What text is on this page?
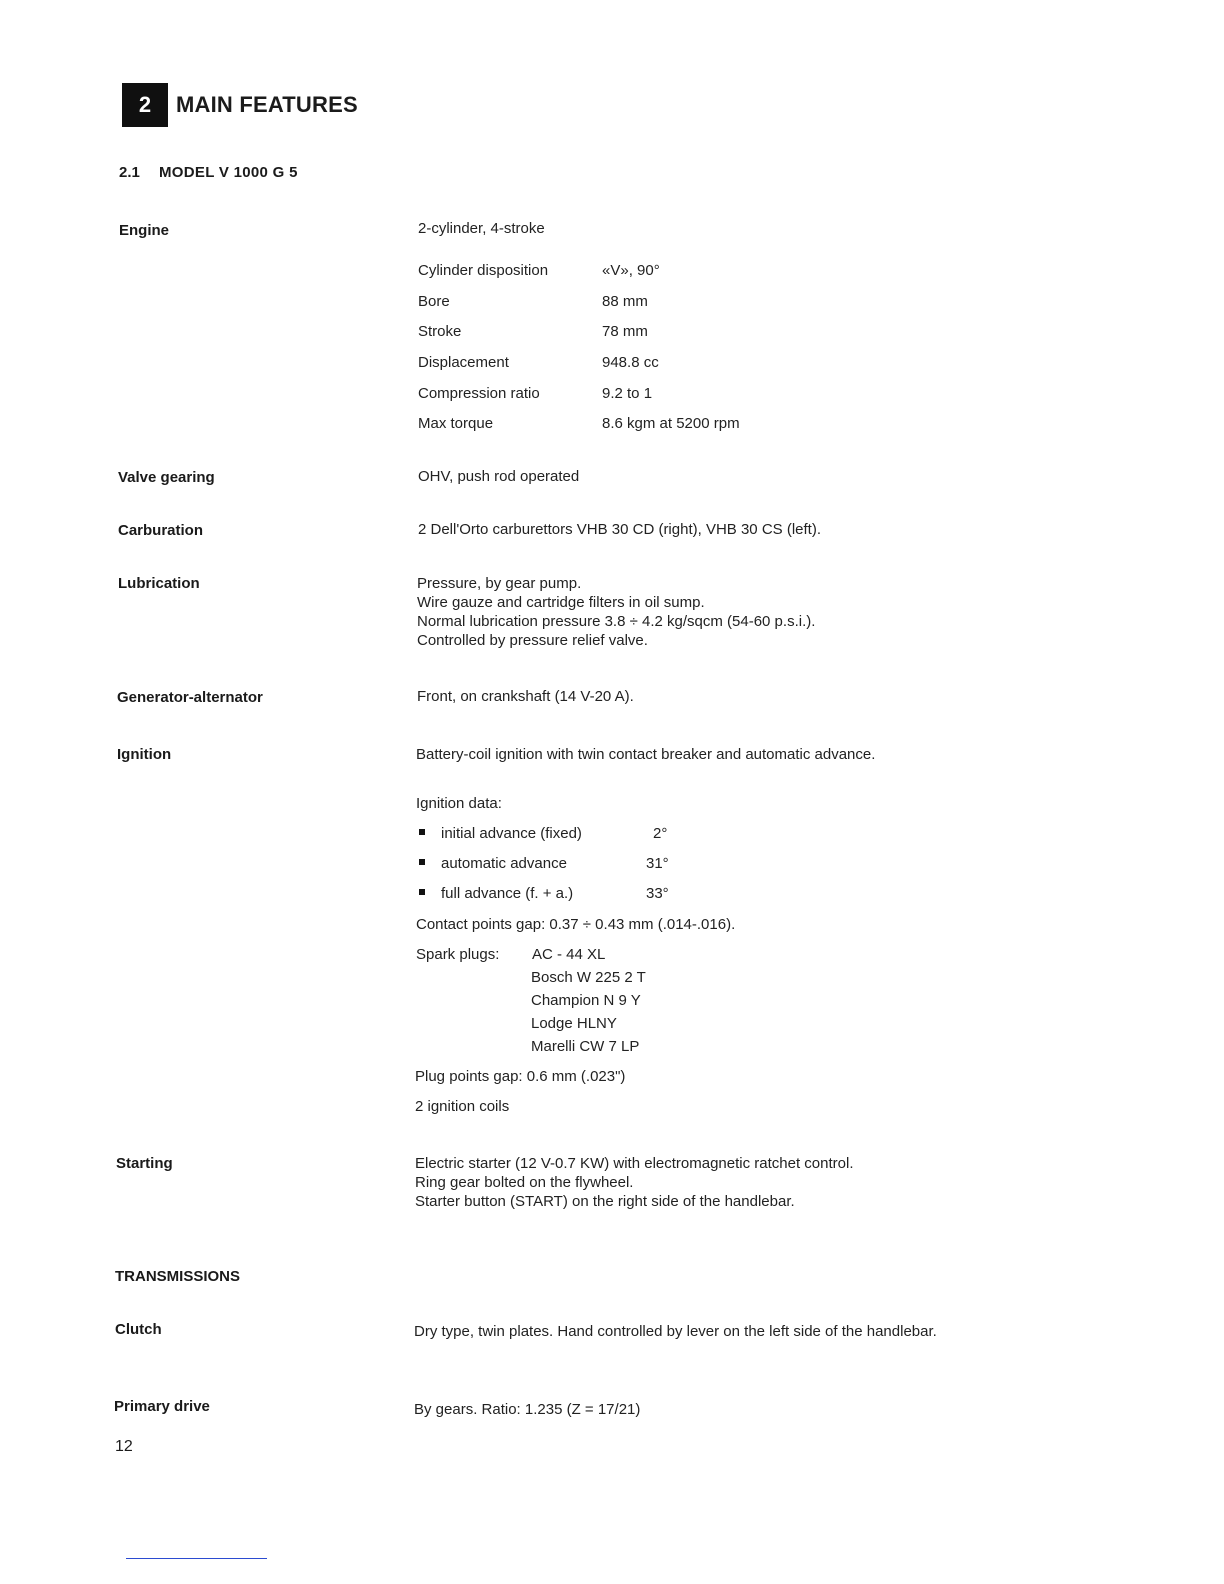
2	MAIN FEATURES
2.1 MODEL V 1000 G 5
Engine	2-cylinder, 4-stroke
Cylinder disposition	«V», 90°
Bore	88 mm
Stroke	78 mm
Displacement	948.8 cc
Compression ratio	9.2 to 1
Max torque	8.6 kgm at 5200 rpm
Valve gearing	OHV, push rod operated
Carburation	2 Dell'Orto carburettors VHB 30 CD (right), VHB 30 CS (left).
Lubrication	Pressure, by gear pump.
Wire gauze and cartridge filters in oil sump.
Normal lubrication pressure 3.8 ÷ 4.2 kg/sqcm (54-60 p.s.i.).
Controlled by pressure relief valve.
Generator-alternator	Front, on crankshaft (14 V-20 A).
Ignition	Battery-coil ignition with twin contact breaker and automatic advance.
Ignition data:
initial advance (fixed)	2°
automatic advance	31°
full advance (f. + a.)	33°
Contact points gap: 0.37 ÷ 0.43 mm (.014-.016).
Spark plugs: AC - 44 XL
Bosch W 225 2 T
Champion N 9 Y
Lodge HLNY
Marelli CW 7 LP
Plug points gap: 0.6 mm (.023")
2 ignition coils
Starting	Electric starter (12 V-0.7 KW) with electromagnetic ratchet control.
Ring gear bolted on the flywheel.
Starter button (START) on the right side of the handlebar.
TRANSMISSIONS
Clutch	Dry type, twin plates. Hand controlled by lever on the left side of the handlebar.
Primary drive	By gears. Ratio: 1.235 (Z = 17/21)
12
